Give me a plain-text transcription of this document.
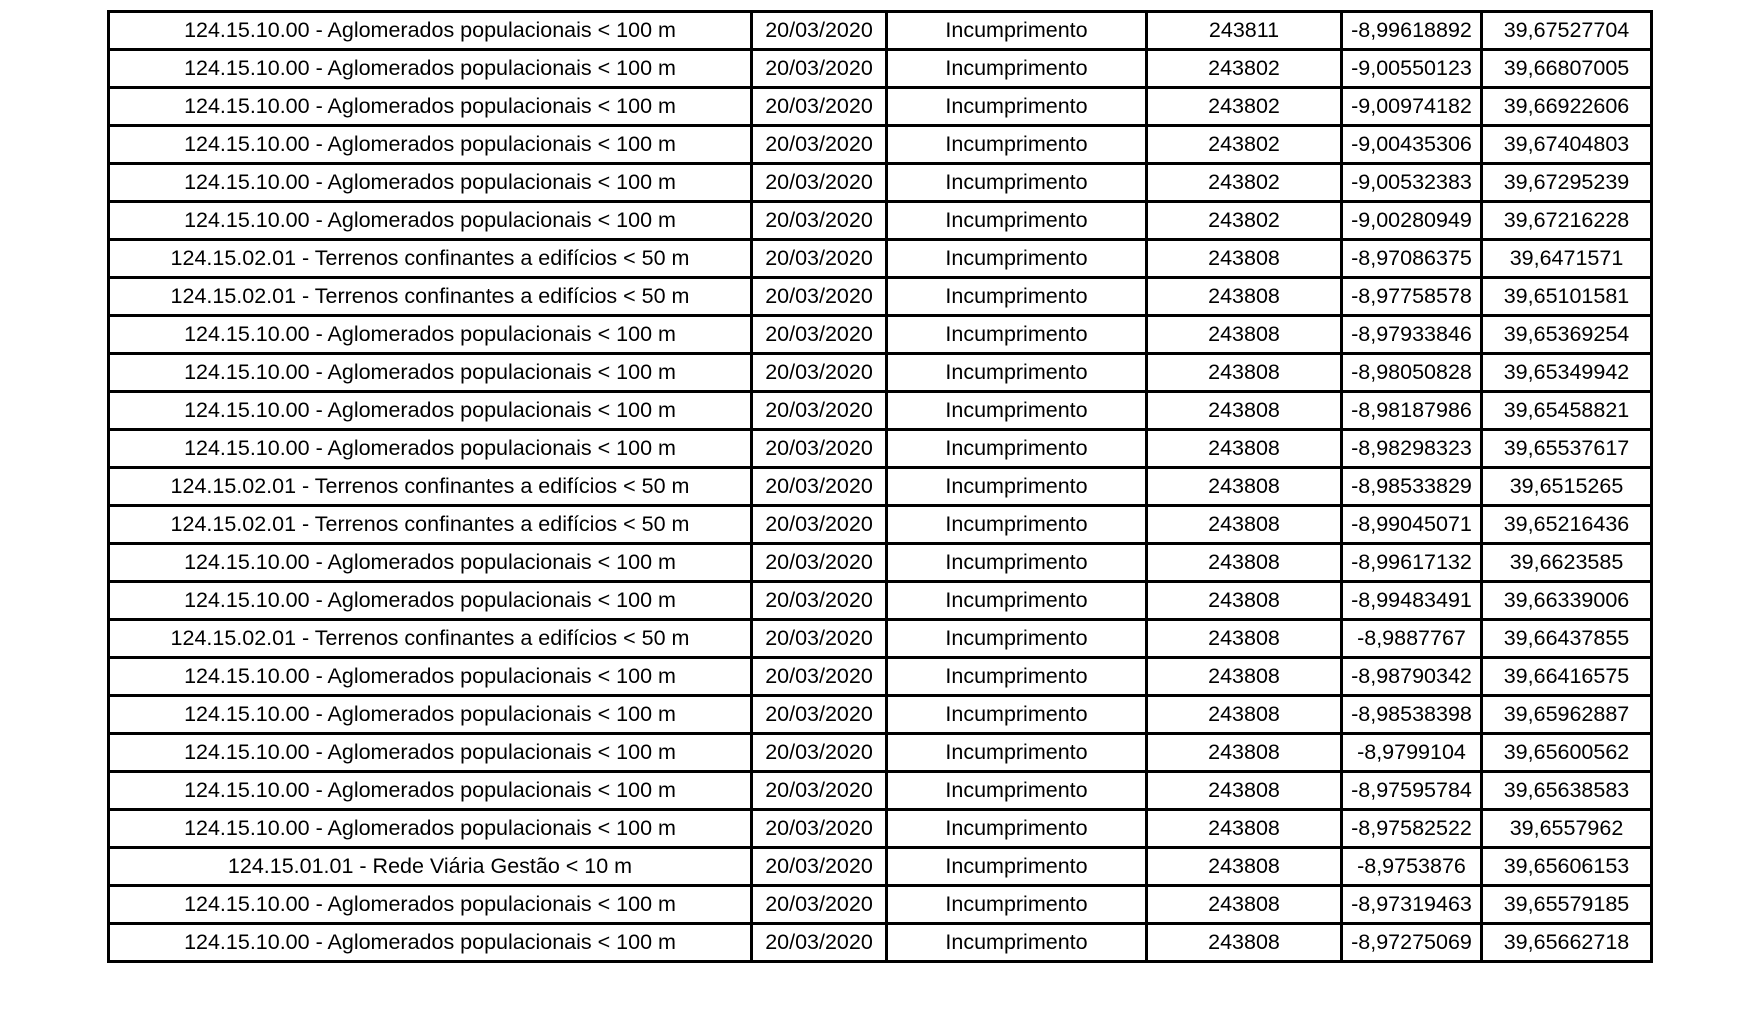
124.15.10.00 - Aglomerados populacionais < 100 m	20/03/2020	Incumprimento	243811	-8,99618892	39,67527704
124.15.10.00 - Aglomerados populacionais < 100 m	20/03/2020	Incumprimento	243802	-9,00550123	39,66807005
124.15.10.00 - Aglomerados populacionais < 100 m	20/03/2020	Incumprimento	243802	-9,00974182	39,66922606
124.15.10.00 - Aglomerados populacionais < 100 m	20/03/2020	Incumprimento	243802	-9,00435306	39,67404803
124.15.10.00 - Aglomerados populacionais < 100 m	20/03/2020	Incumprimento	243802	-9,00532383	39,67295239
124.15.10.00 - Aglomerados populacionais < 100 m	20/03/2020	Incumprimento	243802	-9,00280949	39,67216228
124.15.02.01 - Terrenos confinantes a edifícios < 50 m	20/03/2020	Incumprimento	243808	-8,97086375	39,6471571
124.15.02.01 - Terrenos confinantes a edifícios < 50 m	20/03/2020	Incumprimento	243808	-8,97758578	39,65101581
124.15.10.00 - Aglomerados populacionais < 100 m	20/03/2020	Incumprimento	243808	-8,97933846	39,65369254
124.15.10.00 - Aglomerados populacionais < 100 m	20/03/2020	Incumprimento	243808	-8,98050828	39,65349942
124.15.10.00 - Aglomerados populacionais < 100 m	20/03/2020	Incumprimento	243808	-8,98187986	39,65458821
124.15.10.00 - Aglomerados populacionais < 100 m	20/03/2020	Incumprimento	243808	-8,98298323	39,65537617
124.15.02.01 - Terrenos confinantes a edifícios < 50 m	20/03/2020	Incumprimento	243808	-8,98533829	39,6515265
124.15.02.01 - Terrenos confinantes a edifícios < 50 m	20/03/2020	Incumprimento	243808	-8,99045071	39,65216436
124.15.10.00 - Aglomerados populacionais < 100 m	20/03/2020	Incumprimento	243808	-8,99617132	39,6623585
124.15.10.00 - Aglomerados populacionais < 100 m	20/03/2020	Incumprimento	243808	-8,99483491	39,66339006
124.15.02.01 - Terrenos confinantes a edifícios < 50 m	20/03/2020	Incumprimento	243808	-8,9887767	39,66437855
124.15.10.00 - Aglomerados populacionais < 100 m	20/03/2020	Incumprimento	243808	-8,98790342	39,66416575
124.15.10.00 - Aglomerados populacionais < 100 m	20/03/2020	Incumprimento	243808	-8,98538398	39,65962887
124.15.10.00 - Aglomerados populacionais < 100 m	20/03/2020	Incumprimento	243808	-8,9799104	39,65600562
124.15.10.00 - Aglomerados populacionais < 100 m	20/03/2020	Incumprimento	243808	-8,97595784	39,65638583
124.15.10.00 - Aglomerados populacionais < 100 m	20/03/2020	Incumprimento	243808	-8,97582522	39,6557962
124.15.01.01 - Rede Viária Gestão < 10 m	20/03/2020	Incumprimento	243808	-8,9753876	39,65606153
124.15.10.00 - Aglomerados populacionais < 100 m	20/03/2020	Incumprimento	243808	-8,97319463	39,65579185
124.15.10.00 - Aglomerados populacionais < 100 m	20/03/2020	Incumprimento	243808	-8,97275069	39,65662718
